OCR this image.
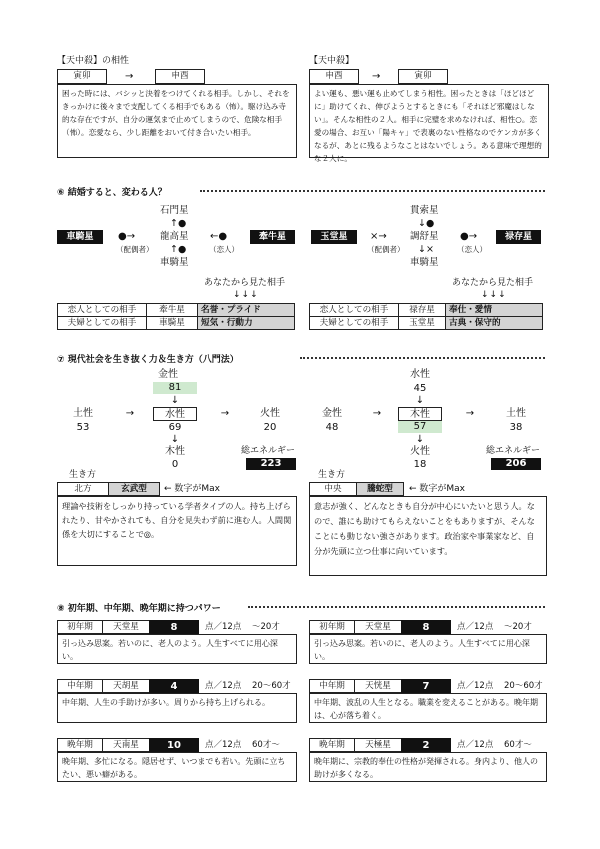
【天中殺】の相性	【天中殺】
寅卯	→	申酉
困った時には、バシッと決着をつけてくれる相手。しかし、それをきっかけに後々まで支配してくる相手でもある（怖）。駆け込み寺的な存在ですが、自分の運気まで止めてしまうので、危険な相手（怖）。恋愛なら、少し距離をおいて付き合いたい相手。
申酉	→	寅卯
よい運も、悪い運も止めてしまう相性。困ったときは「ほどほどに」助けてくれ、伸びようとするときにも「それほど邪魔はしない」。そんな相性の２人。相手に完璧を求めなければ、相性○。恋愛の場合、お互い「陽キャ」で表裏のない性格なのでケンカが多くなるが、あとに残るようなことはないでしょう。ある意味で理想的な２人に。
⑥ 結婚すると、変わる人？
車騎星	●→
（配偶者）
石門星
↑●
龍高星
↑●
車騎星
←●
（恋人）
牽牛星
あなたから見た相手
↓↓↓
恋人としての相手	牽牛星	名誉・プライド
夫婦としての相手	車騎星	短気・行動力
玉堂星	×→
（配偶者）
貫索星
↓●
調舒星
↓×
車騎星
●→
（恋人）
禄存星
あなたから見た相手
↓↓↓
恋人としての相手	禄存星	奉仕・愛情
夫婦としての相手	玉堂星	古典・保守的
⑦ 現代社会を生き抜く力＆生き方（八門法）
金性
81
↓
土性
53
→	水性
69
→	火性
20
↓
木性
0
総エネルギー
223
生き方
北方	玄武型	← 数字がMax
理論や技術をしっかり持っている学者タイプの人。持ち上げられたり、甘やかされても、自分を見失わず前に進む人。人間関係を大切にすることで◎。
水性
45
↓
金性
48
→	木性
57
→	土性
38
↓
火性
18
総エネルギー
206
生き方
中央	騰蛇型	← 数字がMax
意志が強く、どんなときも自分が中心にいたいと思う人。なので、誰にも助けてもらえないことをもありますが、そんなことにも動じない強さがあります。政治家や事業家など、自分が先頭に立つ仕事に向いています。
⑧ 初年期、中年期、晩年期に持つパワー
初年期	天堂星	8	点／12点 ～20才
引っ込み思案。若いのに、老人のよう。人生すべてに用心深い。
中年期	天胡星	4	点／12点 20～60才
中年期、人生の手助けが多い。周りから持ち上げられる。
晩年期	天南星	10	点／12点 60才～
晩年期、多忙になる。隠居せず、いつまでも若い。先頭に立ちたい、悪い癖がある。
初年期	天堂星	8	点／12点 ～20才
引っ込み思案。若いのに、老人のよう。人生すべてに用心深い。
中年期	天恍星	7	点／12点 20～60才
中年期、波乱の人生となる。職業を変えることがある。晩年期は、心が落ち着く。
晩年期	天極星	2	点／12点 60才～
晩年期に、宗教的奉仕の性格が発揮される。身内より、他人の助けが多くなる。
